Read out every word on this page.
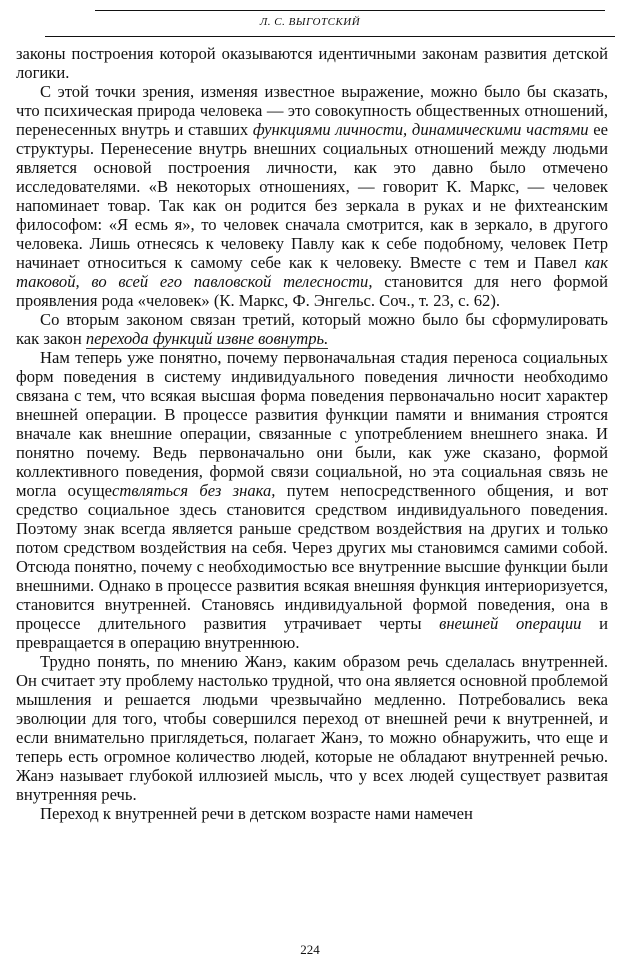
Л. С. ВЫГОТСКИЙ

законы построения которой оказываются идентичными законам развития детской логики.

С этой точки зрения, изменяя известное выражение, можно было бы сказать, что психическая природа человека — это совокупность общественных отношений, перенесенных внутрь и ставших функциями личности, динамическими частями ее структуры. Перенесение внутрь внешних социальных отношений между людьми является основой построения личности, как это давно было отмечено исследователями. «В некоторых отношениях, — говорит К. Маркс, — человек напоминает товар. Так как он родится без зеркала в руках и не фихтеанским философом: «Я есмь я», то человек сначала смотрится, как в зеркало, в другого человека. Лишь отнесясь к человеку Павлу как к себе подобному, человек Петр начинает относиться к самому себе как к человеку. Вместе с тем и Павел как таковой, во всей его павловской телесности, становится для него формой проявления рода «человек» (К. Маркс, Ф. Энгельс. Соч., т. 23, с. 62).

Со вторым законом связан третий, который можно было бы сформулировать как закон перехода функций извне вовнутрь.

Нам теперь уже понятно, почему первоначальная стадия переноса социальных форм поведения в систему индивидуального поведения личности необходимо связана с тем, что всякая высшая форма поведения первоначально носит характер внешней операции. В процессе развития функции памяти и внимания строятся вначале как внешние операции, связанные с употреблением внешнего знака. И понятно почему. Ведь первоначально они были, как уже сказано, формой коллективного поведения, формой связи социальной, но эта социальная связь не могла осуществляться без знака, путем непосредственного общения, и вот средство социальное здесь становится средством индивидуального поведения. Поэтому знак всегда является раньше средством воздействия на других и только потом средством воздействия на себя. Через других мы становимся самими собой. Отсюда понятно, почему с необходимостью все внутренние высшие функции были внешними. Однако в процессе развития всякая внешняя функция интериоризуется, становится внутренней. Становясь индивидуальной формой поведения, она в процессе длительного развития утрачивает черты внешней операции и превращается в операцию внутреннюю.

Трудно понять, по мнению Жанэ, каким образом речь сделалась внутренней. Он считает эту проблему настолько трудной, что она является основной проблемой мышления и решается людьми чрезвычайно медленно. Потребовались века эволюции для того, чтобы совершился переход от внешней речи к внутренней, и если внимательно приглядеться, полагает Жанэ, то можно обнаружить, что еще и теперь есть огромное количество людей, которые не обладают внутренней речью. Жанэ называет глубокой иллюзией мысль, что у всех людей существует развитая внутренняя речь.

Переход к внутренней речи в детском возрасте нами намечен

224
